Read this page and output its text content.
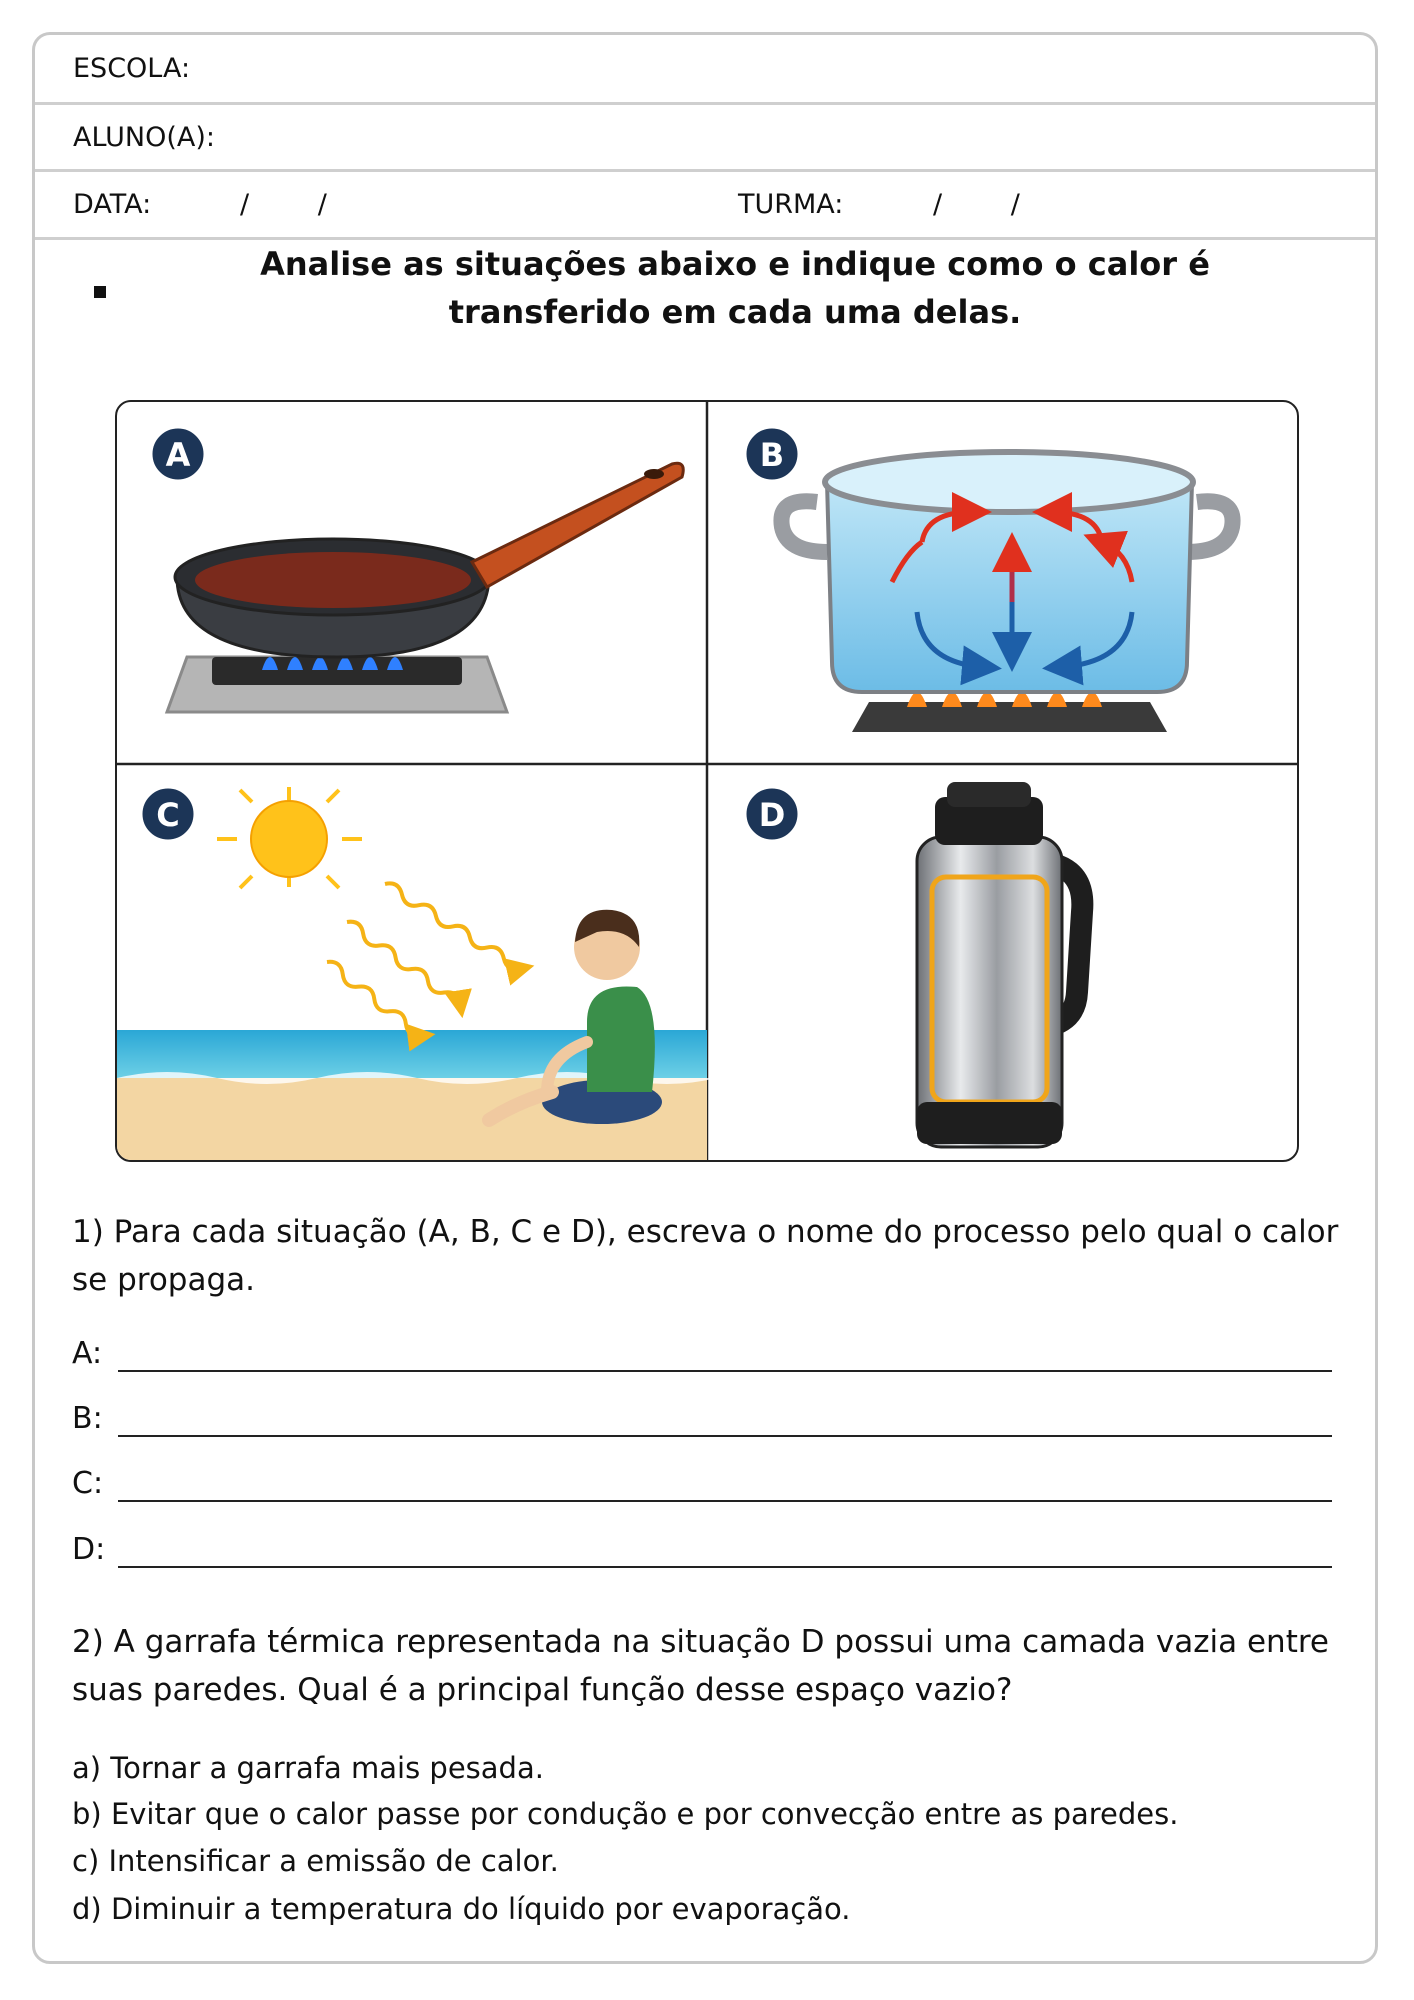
ESCOLA:
ALUNO(A):
DATA:	/        /	TURMA:	/        /
Analise as situações abaixo e indique como o calor é transferido em cada uma delas.
A	B
C	D
1) Para cada situação (A, B, C e D), escreva o nome do processo pelo qual o calor se propaga.
A:
B:
C:
D:
2) A garrafa térmica representada na situação D possui uma camada vazia entre suas paredes. Qual é a principal função desse espaço vazio?
a) Tornar a garrafa mais pesada.
b) Evitar que o calor passe por condução e por convecção entre as paredes.
c) Intensificar a emissão de calor.
d) Diminuir a temperatura do líquido por evaporação.
